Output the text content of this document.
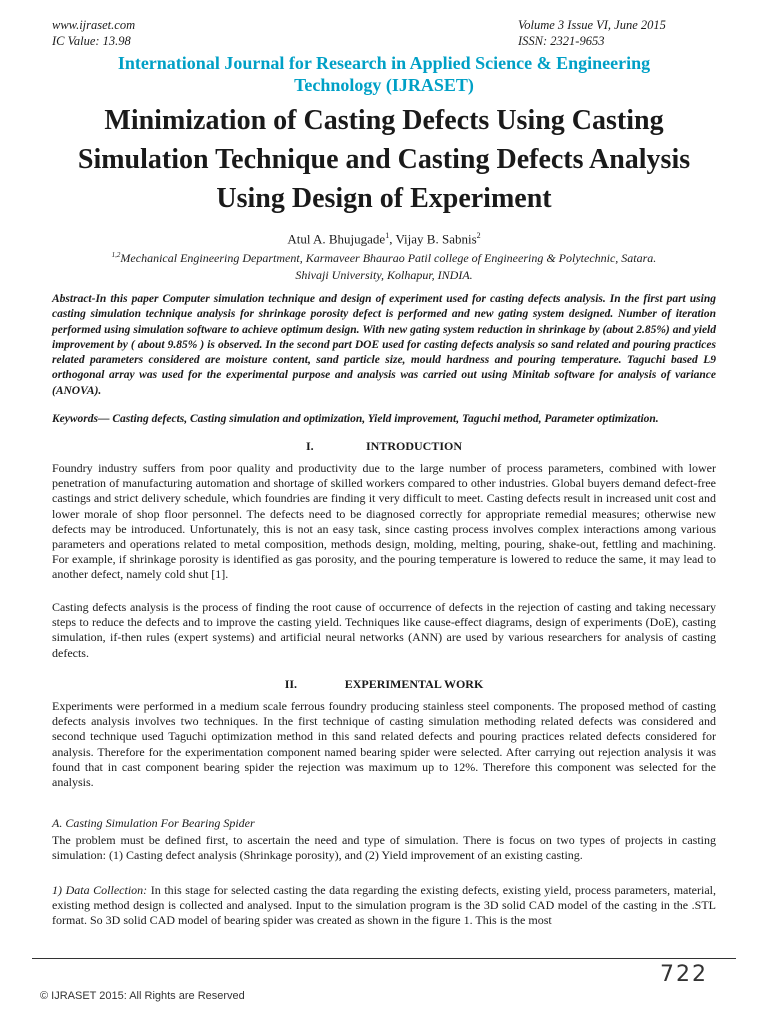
www.ijraset.com
IC Value: 13.98
Volume 3 Issue VI, June 2015
ISSN: 2321-9653
International Journal for Research in Applied Science & Engineering
Technology (IJRASET)
Minimization of Casting Defects Using Casting
Simulation Technique and Casting Defects Analysis
Using Design of Experiment
Atul A. Bhujugade$^1$, Vijay B. Sabnis$^2$
$^{1,2}$Mechanical Engineering Department, Karmaveer Bhaurao Patil college of Engineering & Polytechnic, Satara.
Shivaji University, Kolhapur, INDIA.

Abstract-In this paper Computer simulation technique and design of experiment used for casting defects analysis. In the first part using casting simulation technique analysis for shrinkage porosity defect is performed and new gating system designed. Number of iteration performed using simulation software to achieve optimum design. With new gating system reduction in shrinkage by (about 2.85%) and yield improvement by ( about 9.85% ) is observed. In the second part DOE used for casting defects analysis so sand related and pouring practices related parameters considered are moisture content, sand particle size, mould hardness and pouring temperature. Taguchi based L9 orthogonal array was used for the experimental purpose and analysis was carried out using Minitab software for analysis of variance (ANOVA).

Keywords— Casting defects, Casting simulation and optimization, Yield improvement, Taguchi method, Parameter optimization.

I.	INTRODUCTION

Foundry industry suffers from poor quality and productivity due to the large number of process parameters, combined with lower penetration of manufacturing automation and shortage of skilled workers compared to other industries. Global buyers demand defect-free castings and strict delivery schedule, which foundries are finding it very difficult to meet. Casting defects result in increased unit cost and lower morale of shop floor personnel. The defects need to be diagnosed correctly for appropriate remedial measures; otherwise new defects may be introduced. Unfortunately, this is not an easy task, since casting process involves complex interactions among various parameters and operations related to metal composition, methods design, molding, melting, pouring, shake-out, fettling and machining. For example, if shrinkage porosity is identified as gas porosity, and the pouring temperature is lowered to reduce the same, it may lead to another defect, namely cold shut [1].

Casting defects analysis is the process of finding the root cause of occurrence of defects in the rejection of casting and taking necessary steps to reduce the defects and to improve the casting yield. Techniques like cause-effect diagrams, design of experiments (DoE), casting simulation, if-then rules (expert systems) and artificial neural networks (ANN) are used by various researchers for analysis of casting defects.

II.	EXPERIMENTAL WORK

Experiments were performed in a medium scale ferrous foundry producing stainless steel components. The proposed method of casting defects analysis involves two techniques. In the first technique of casting simulation methoding related defects was considered and second technique used Taguchi optimization method in this sand related defects and pouring practices related defects considered for analysis. Therefore for the experimentation component named bearing spider were selected. After carrying out rejection analysis it was found that in cast component bearing spider the rejection was maximum up to 12%. Therefore this component was selected for the analysis.

A. Casting Simulation For Bearing Spider

The problem must be defined first, to ascertain the need and type of simulation. There is focus on two types of projects in casting simulation: (1) Casting defect analysis (Shrinkage porosity), and (2) Yield improvement of an existing casting.

1) Data Collection: In this stage for selected casting the data regarding the existing defects, existing yield, process parameters, material, existing method design is collected and analysed. Input to the simulation program is the 3D solid CAD model of the casting in the .STL format. So 3D solid CAD model of bearing spider was created as shown in the figure 1. This is the most

722
© IJRASET 2015: All Rights are Reserved
